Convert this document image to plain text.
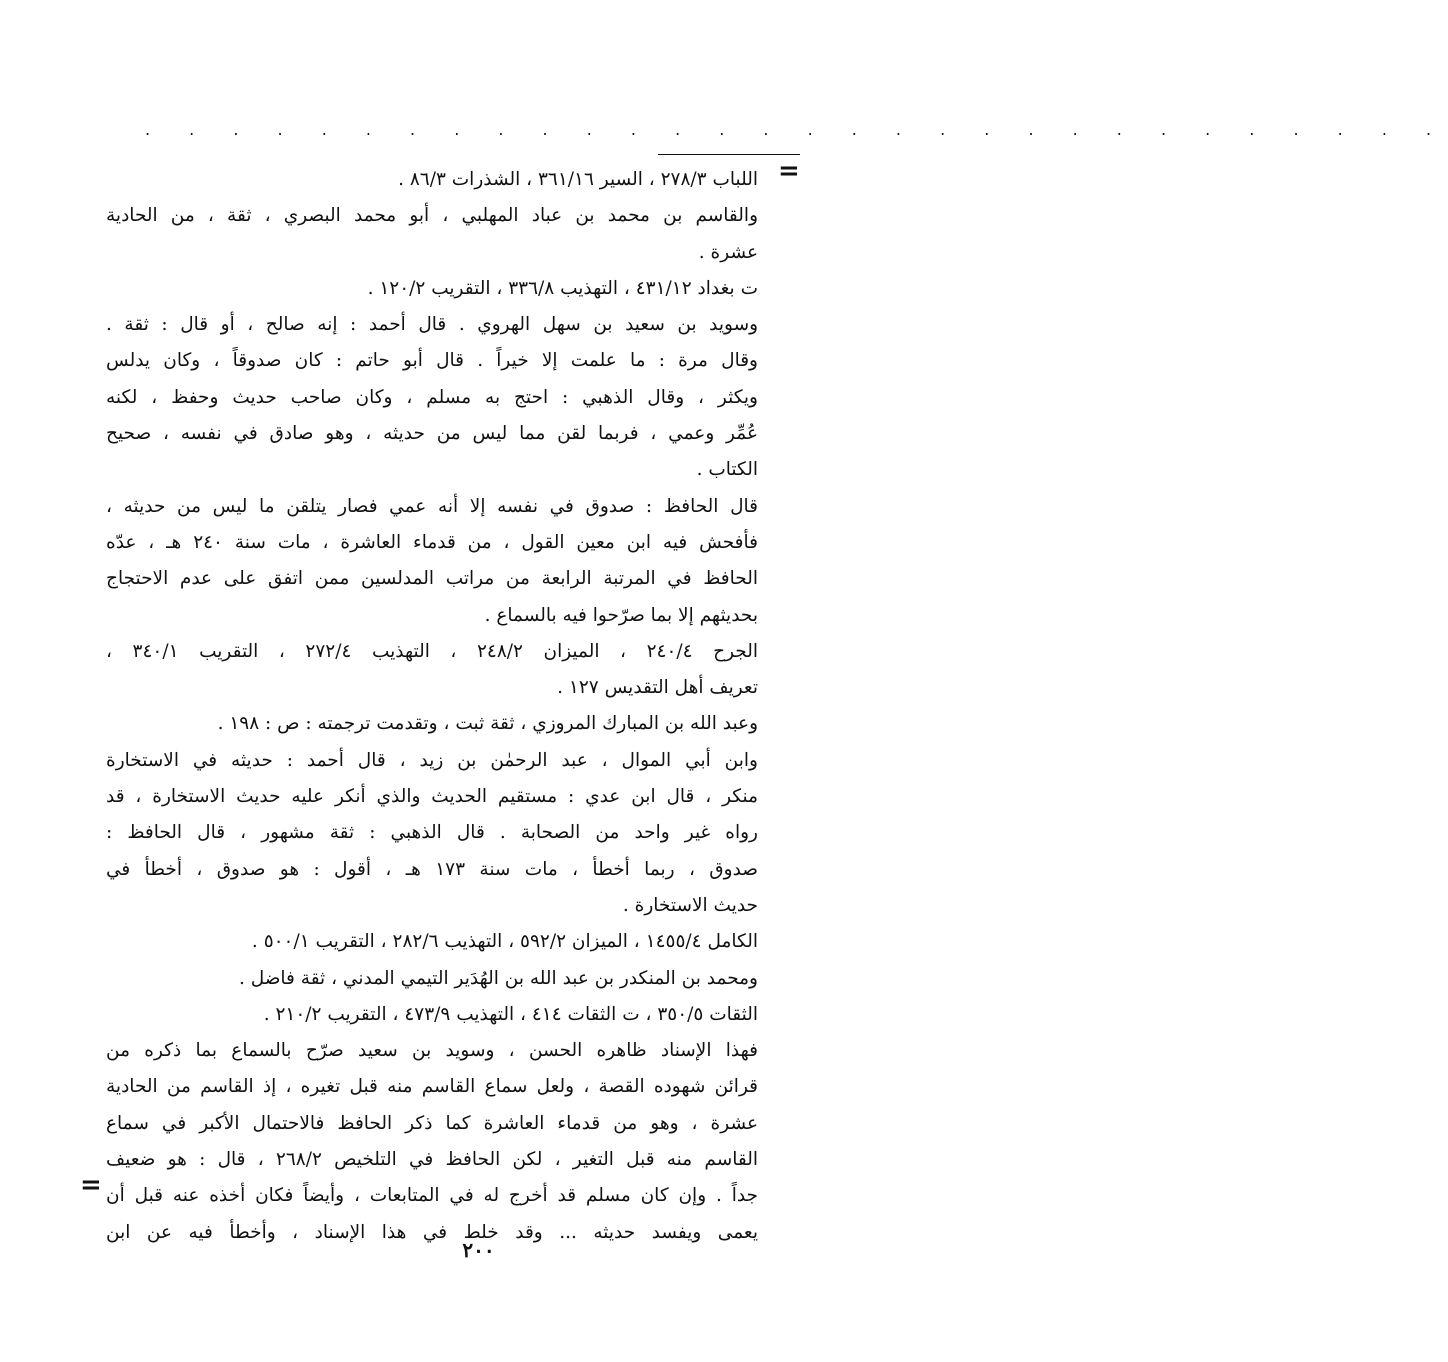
. . . . . . . . . . . . . . . . . . . . . . . . . . . . . .
=
اللباب ٢٧٨/٣ ، السير ٣٦١/١٦ ، الشذرات ٨٦/٣ .
والقاسم بن محمد بن عباد المهلبي ، أبو محمد البصري ، ثقة ، من الحادية
عشرة .
ت بغداد ٤٣١/١٢ ، التهذيب ٣٣٦/٨ ، التقريب ١٢٠/٢ .
وسويد بن سعيد بن سهل الهروي . قال أحمد : إنه صالح ، أو قال : ثقة .
وقال مرة : ما علمت إلا خيراً . قال أبو حاتم : كان صدوقاً ، وكان يدلس
ويكثر ، وقال الذهبي : احتج به مسلم ، وكان صاحب حديث وحفظ ، لكنه
عُمِّر وعمي ، فربما لقن مما ليس من حديثه ، وهو صادق في نفسه ، صحيح
الكتاب .
قال الحافظ : صدوق في نفسه إلا أنه عمي فصار يتلقن ما ليس من حديثه ،
فأفحش فيه ابن معين القول ، من قدماء العاشرة ، مات سنة ٢٤٠ هـ ، عدّه
الحافظ في المرتبة الرابعة من مراتب المدلسين ممن اتفق على عدم الاحتجاج
بحديثهم إلا بما صرّحوا فيه بالسماع .
الجرح ٢٤٠/٤ ، الميزان ٢٤٨/٢ ، التهذيب ٢٧٢/٤ ، التقريب ٣٤٠/١ ،
تعريف أهل التقديس ١٢٧ .
وعبد الله بن المبارك المروزي ، ثقة ثبت ، وتقدمت ترجمته : ص : ١٩٨ .
وابن أبي الموال ، عبد الرحمٰن بن زيد ، قال أحمد : حديثه في الاستخارة
منكر ، قال ابن عدي : مستقيم الحديث والذي أنكر عليه حديث الاستخارة ، قد
رواه غير واحد من الصحابة . قال الذهبي : ثقة مشهور ، قال الحافظ :
صدوق ، ربما أخطأ ، مات سنة ١٧٣ هـ ، أقول : هو صدوق ، أخطأ في
حديث الاستخارة .
الكامل ١٤٥٥/٤ ، الميزان ٥٩٢/٢ ، التهذيب ٢٨٢/٦ ، التقريب ٥٠٠/١ .
ومحمد بن المنكدر بن عبد الله بن الهُدَير التيمي المدني ، ثقة فاضل .
الثقات ٣٥٠/٥ ، ت الثقات ٤١٤ ، التهذيب ٤٧٣/٩ ، التقريب ٢١٠/٢ .
فهذا الإسناد ظاهره الحسن ، وسويد بن سعيد صرّح بالسماع بما ذكره من
قرائن شهوده القصة ، ولعل سماع القاسم منه قبل تغيره ، إذ القاسم من الحادية
عشرة ، وهو من قدماء العاشرة كما ذكر الحافظ فالاحتمال الأكبر في سماع
القاسم منه قبل التغير ، لكن الحافظ في التلخيص ٢٦٨/٢ ، قال : هو ضعيف
جداً . وإن كان مسلم قد أخرج له في المتابعات ، وأيضاً فكان أخذه عنه قبل أن
يعمى ويفسد حديثه ... وقد خلط في هذا الإسناد ، وأخطأ فيه عن ابن
=
٢٠٠
